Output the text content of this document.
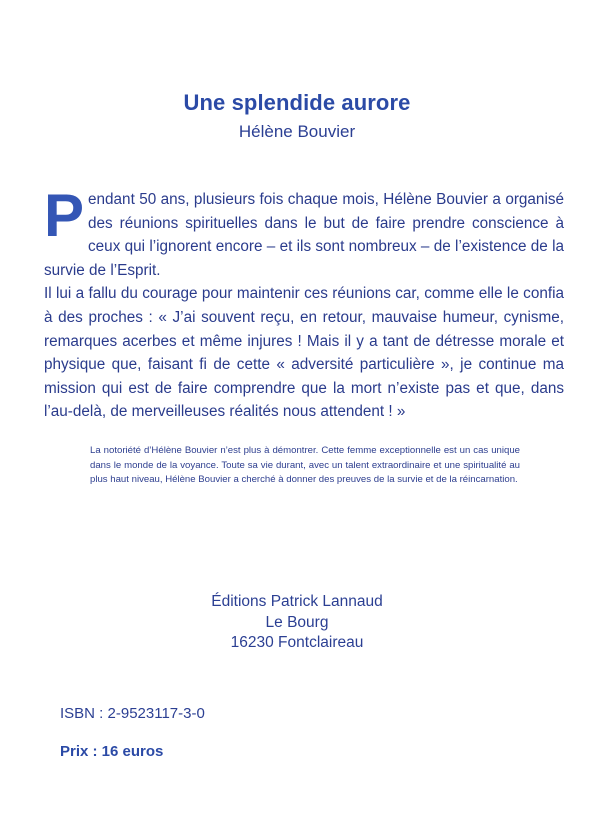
Une splendide aurore
Hélène Bouvier

Pendant 50 ans, plusieurs fois chaque mois, Hélène Bouvier a organisé des réunions spirituelles dans le but de faire prendre conscience à ceux qui l’ignorent encore – et ils sont nombreux – de l’existence de la survie de l’Esprit.

Il lui a fallu du courage pour maintenir ces réunions car, comme elle le confia à des proches : « J’ai souvent reçu, en retour, mauvaise humeur, cynisme, remarques acerbes et même injures ! Mais il y a tant de détresse morale et physique que, faisant fi de cette « adversité particulière », je continue ma mission qui est de faire comprendre que la mort n’existe pas et que, dans l’au-delà, de merveilleuses réalités nous attendent ! »

La notoriété d’Hélène Bouvier n’est plus à démontrer. Cette femme exceptionnelle est un cas unique dans le monde de la voyance. Toute sa vie durant, avec un talent extraordinaire et une spiritualité au plus haut niveau, Hélène Bouvier a cherché à donner des preuves de la survie et de la réincarnation.
Éditions Patrick Lannaud
Le Bourg
16230 Fontclaireau
ISBN : 2-9523117-3-0
Prix : 16 euros
